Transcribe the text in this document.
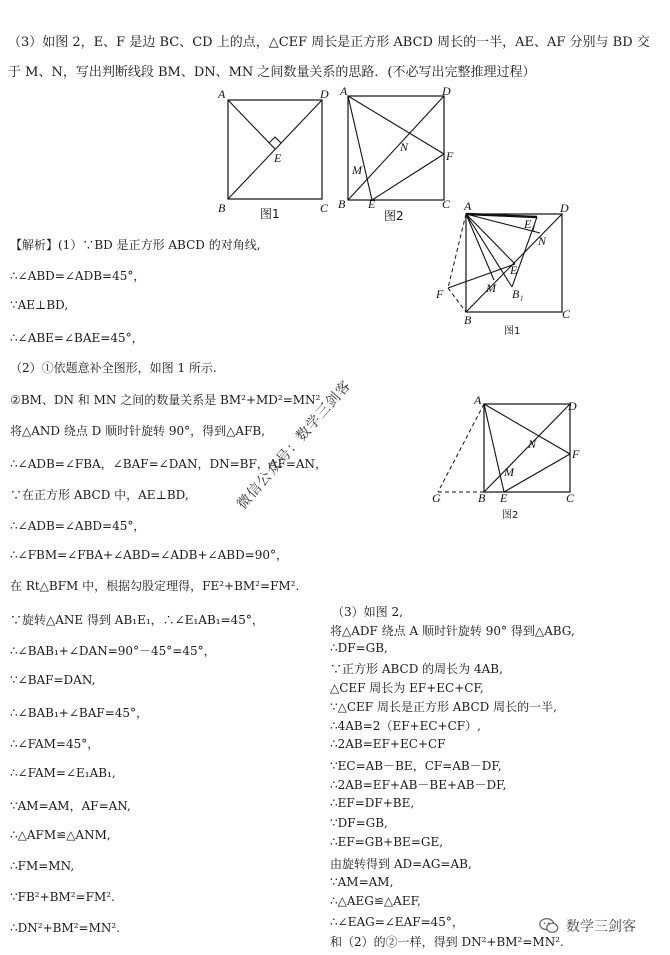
（3）如图 2，E、F 是边 BC、CD 上的点，△CEF 周长是正方形 ABCD 周长的一半，AE、AF 分别与 BD 交
于 M、N，写出判断线段 BM、DN、MN 之间数量关系的思路．(不必写出完整推理过程）
A	D
E
B	C
图1
A	D
N
F
M
B E	C
图2
A	D
E₁
N
E
F	M B₁
B	C
图1
A	D
N
F
M
G	B E	C
图2
【解析】(1）∵BD 是正方形 ABCD 的对角线,
∴∠ABD=∠ADB=45°，
∵AE⊥BD,
∴∠ABE=∠BAE=45°，
（2）①依题意补全图形，如图 1 所示.
②BM、DN 和 MN 之间的数量关系是 BM²+MD²=MN².
将△AND 绕点 D 顺时针旋转 90°，得到△AFB,
∴∠ADB=∠FBA，∠BAF=∠DAN，DN=BF，AF=AN，
∵在正方形 ABCD 中，AE⊥BD,
∴∠ADB=∠ABD=45°，
∴∠FBM=∠FBA+∠ABD=∠ADB+∠ABD=90°，
在 Rt△BFM 中，根据勾股定理得，FE²+BM²=FM².
∵旋转△ANE 得到 AB₁E₁，∴∠E₁AB₁=45°，
∴∠BAB₁+∠DAN=90°－45°=45°，
∵∠BAF=DAN,
∴∠BAB₁+∠BAF=45°，
∴∠FAM=45°，
∴∠FAM=∠E₁AB₁,
∵AM=AM，AF=AN,
∴△AFM≌△ANM,
∴FM=MN,
∵FB²+BM²=FM².
∴DN²+BM²=MN².
（3）如图 2,
将△ADF 绕点 A 顺时针旋转 90° 得到△ABG,
∴DF=GB,
∵正方形 ABCD 的周长为 4AB,
△CEF 周长为 EF+EC+CF,
∵△CEF 周长是正方形 ABCD 周长的一半,
∴4AB=2（EF+EC+CF）,
∴2AB=EF+EC+CF
∵EC=AB－BE，CF=AB－DF,
∴2AB=EF+AB－BE+AB－DF,
∴EF=DF+BE,
∵DF=GB,
∴EF=GB+BE=GE,
由旋转得到 AD=AG=AB,
∵AM=AM,
∴△AEG≌△AEF,
∴∠EAG=∠EAF=45°，
和（2）的②一样，得到 DN²+BM²=MN².
微信公众号：数学三剑客
数学三剑客
